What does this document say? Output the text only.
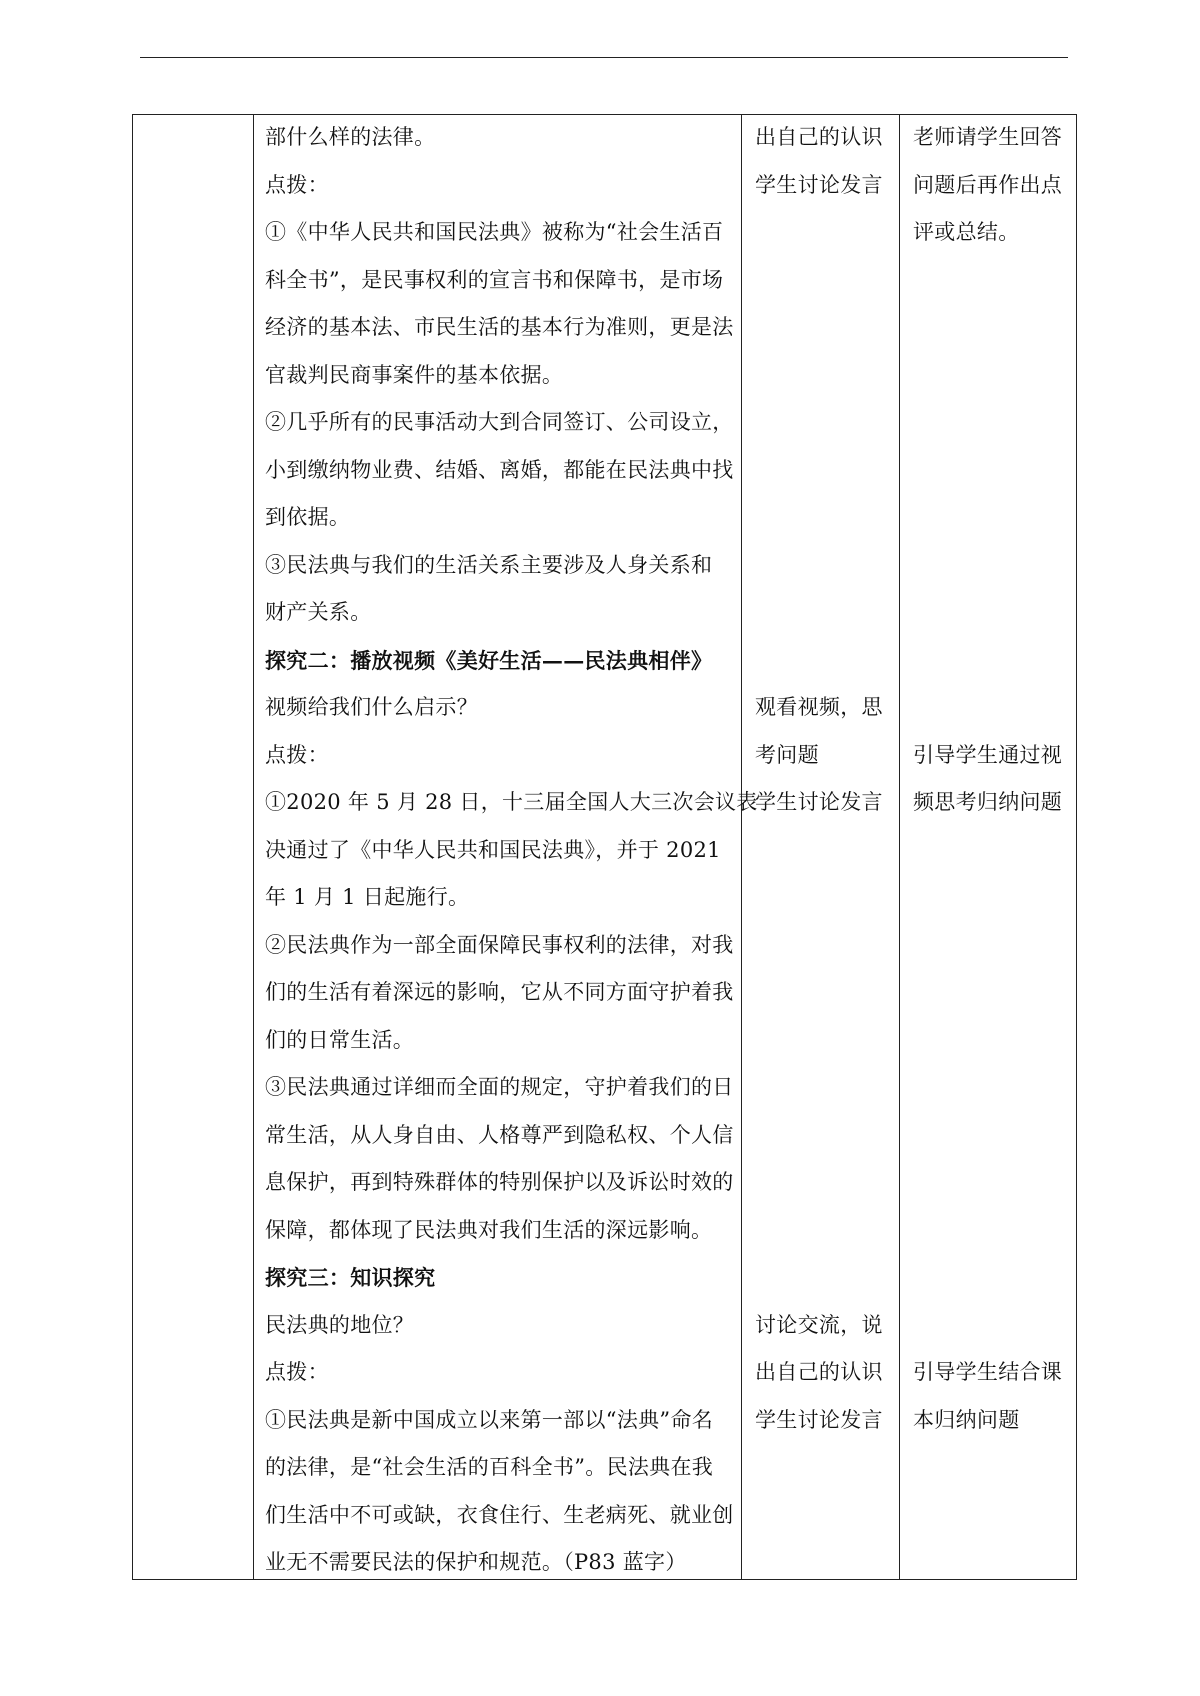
部什么样的法律。
点拨：
①《中华人民共和国民法典》被称为“社会生活百
科全书”，是民事权利的宣言书和保障书，是市场
经济的基本法、市民生活的基本行为准则，更是法
官裁判民商事案件的基本依据。
②几乎所有的民事活动大到合同签订、公司设立，
小到缴纳物业费、结婚、离婚，都能在民法典中找
到依据。
③民法典与我们的生活关系主要涉及人身关系和
财产关系。
探究二：播放视频《美好生活——民法典相伴》
视频给我们什么启示？
点拨：
①2020 年 5 月 28 日，十三届全国人大三次会议表
决通过了《中华人民共和国民法典》，并于 2021
年 1 月 1 日起施行。
②民法典作为一部全面保障民事权利的法律，对我
们的生活有着深远的影响，它从不同方面守护着我
们的日常生活。
③民法典通过详细而全面的规定，守护着我们的日
常生活，从人身自由、人格尊严到隐私权、个人信
息保护，再到特殊群体的特别保护以及诉讼时效的
保障，都体现了民法典对我们生活的深远影响。
探究三：知识探究
民法典的地位？
点拨：
①民法典是新中国成立以来第一部以“法典”命名
的法律，是“社会生活的百科全书”。民法典在我
们生活中不可或缺，衣食住行、生老病死、就业创
业无不需要民法的保护和规范。（P83 蓝字）
出自己的认识
学生讨论发言
观看视频，思
考问题
学生讨论发言
讨论交流，说
出自己的认识
学生讨论发言
老师请学生回答
问题后再作出点
评或总结。
引导学生通过视
频思考归纳问题
引导学生结合课
本归纳问题
